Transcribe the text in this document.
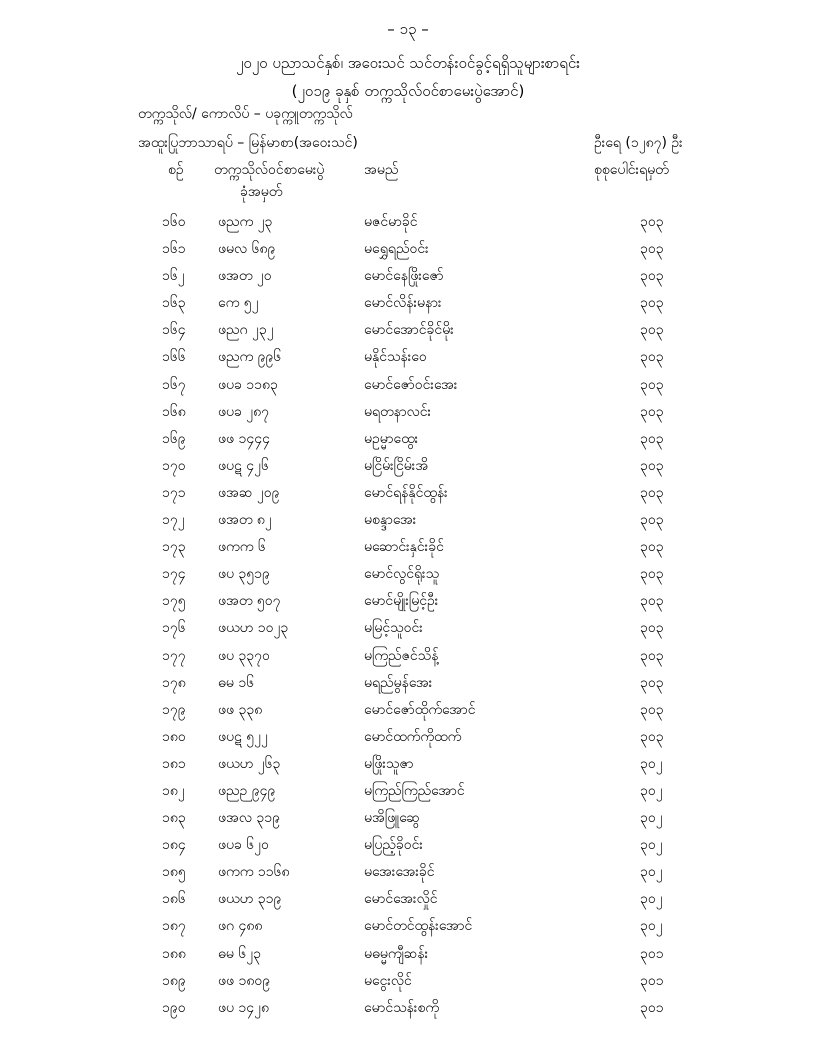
– ၁၃ –
၂၀၂၀ ပညာသင်နှစ်၊ အဝေးသင် သင်တန်းဝင်ခွင့်ရရှိသူများစာရင်း
(၂၀၁၉ ခုနှစ် တက္ကသိုလ်ဝင်စာမေးပွဲအောင်)
တက္ကသိုလ်/ ကောလိပ် – ပခုက္ကူတက္ကသိုလ်
အထူးပြုဘာသာရပ် – မြန်မာစာ(အဝေးသင်)	ဦးရေ (၁၂၈၇) ဦး
စဉ် တက္ကသိုလ်ဝင်စာမေးပွဲ
ခုံအမှတ်
အမည်	စုစုပေါင်းရမှတ်
၁၆၀ ဖညက ၂၃	မဇင်မာခိုင်	၃၀၃
၁၆၁ ဖမလ ၆၈၉	မရွှေရည်ဝင်း	၃၀၃
၁၆၂ ဖအတ ၂၀	မောင်နေဖြိုးဇော်	၃၀၃
၁၆၃ ကေ ၅၂	မောင်လိန်းမနား	၃၀၃
၁၆၄ ဖညဂ ၂၃၂	မောင်အောင်ခိုင်မိုး	၃၀၃
၁၆၆ ဖညက ၉၉၆	မနိုင်သန်းဝေ	၃၀၃
၁၆၇ ဖပခ ၁၁၈၃	မောင်ဇော်ဝင်းအေး	၃၀၃
၁၆၈ ဖပခ ၂၈၇	မရတနာလင်း	၃၀၃
၁၆၉ ဖဖ ၁၄၄၄	မဥမ္မာထွေး	၃၀၃
၁၇၀ ဖပဋ ၄၂၆	မငြိမ်းငြိမ်းအိ	၃၀၃
၁၇၁ ဖအဆ ၂၀၉	မောင်ရန်နိုင်ထွန်း	၃၀၃
၁၇၂ ဖအတ ၈၂	မစန္ဒာအေး	၃၀၃
၁၇၃ ဖကက ၆	မဆောင်းနှင်းခိုင်	၃၀၃
၁၇၄ ဖပ ၃၅၁၉	မောင်လွင်ရိုးသူ	၃၀၃
၁၇၅ ဖအတ ၅၀၇	မောင်မျိုးမြင့်ဦး	၃၀၃
၁၇၆ ဖယဟ ၁၀၂၃	မမြင့်သူဝင်း	၃၀၃
၁၇၇ ဖပ ၃၃၇၀	မကြည်ဇင်သိန့်	၃၀၃
၁၇၈ ဓမ ၁၆	မရည်မွန်အေး	၃၀၃
၁၇၉ ဖဖ ၃၃၈	မောင်ဇော်ထိုက်အောင်	၃၀၃
၁၈၀ ဖပဋ ၅၂၂	မောင်ထက်ကိုထက်	၃၀၃
၁၈၁ ဖယဟ ၂၆၃	မဖြိုးသူဇာ	၃၀၂
၁၈၂ ဖညဉ ၉၄၉	မကြည်ကြည်အောင်	၃၀၂
၁၈၃ ဖအလ ၃၁၉	မအိဖြူဆွေ	၃၀၂
၁၈၄ ဖပခ ၆၂၀	မပြည့်ခိုဝင်း	၃၀၂
၁၈၅ ဖကက ၁၁၆၈	မအေးအေးခိုင်	၃၀၂
၁၈၆ ဖယဟ ၃၁၉	မောင်အေးလှိုင်	၃၀၂
၁၈၇ ဖဂ ၄၈၈	မောင်တင်ထွန်းအောင်	၃၀၂
၁၈၈ ဓမ ၆၂၃	မဓမ္မကျီဆန်း	၃၀၁
၁၈၉ ဖဖ ၁၈၀၉	မငွေးလိုင်	၃၀၁
၁၉၀ ဖပ ၁၄၂၈	မောင်သန်းစကို	၃၀၁
